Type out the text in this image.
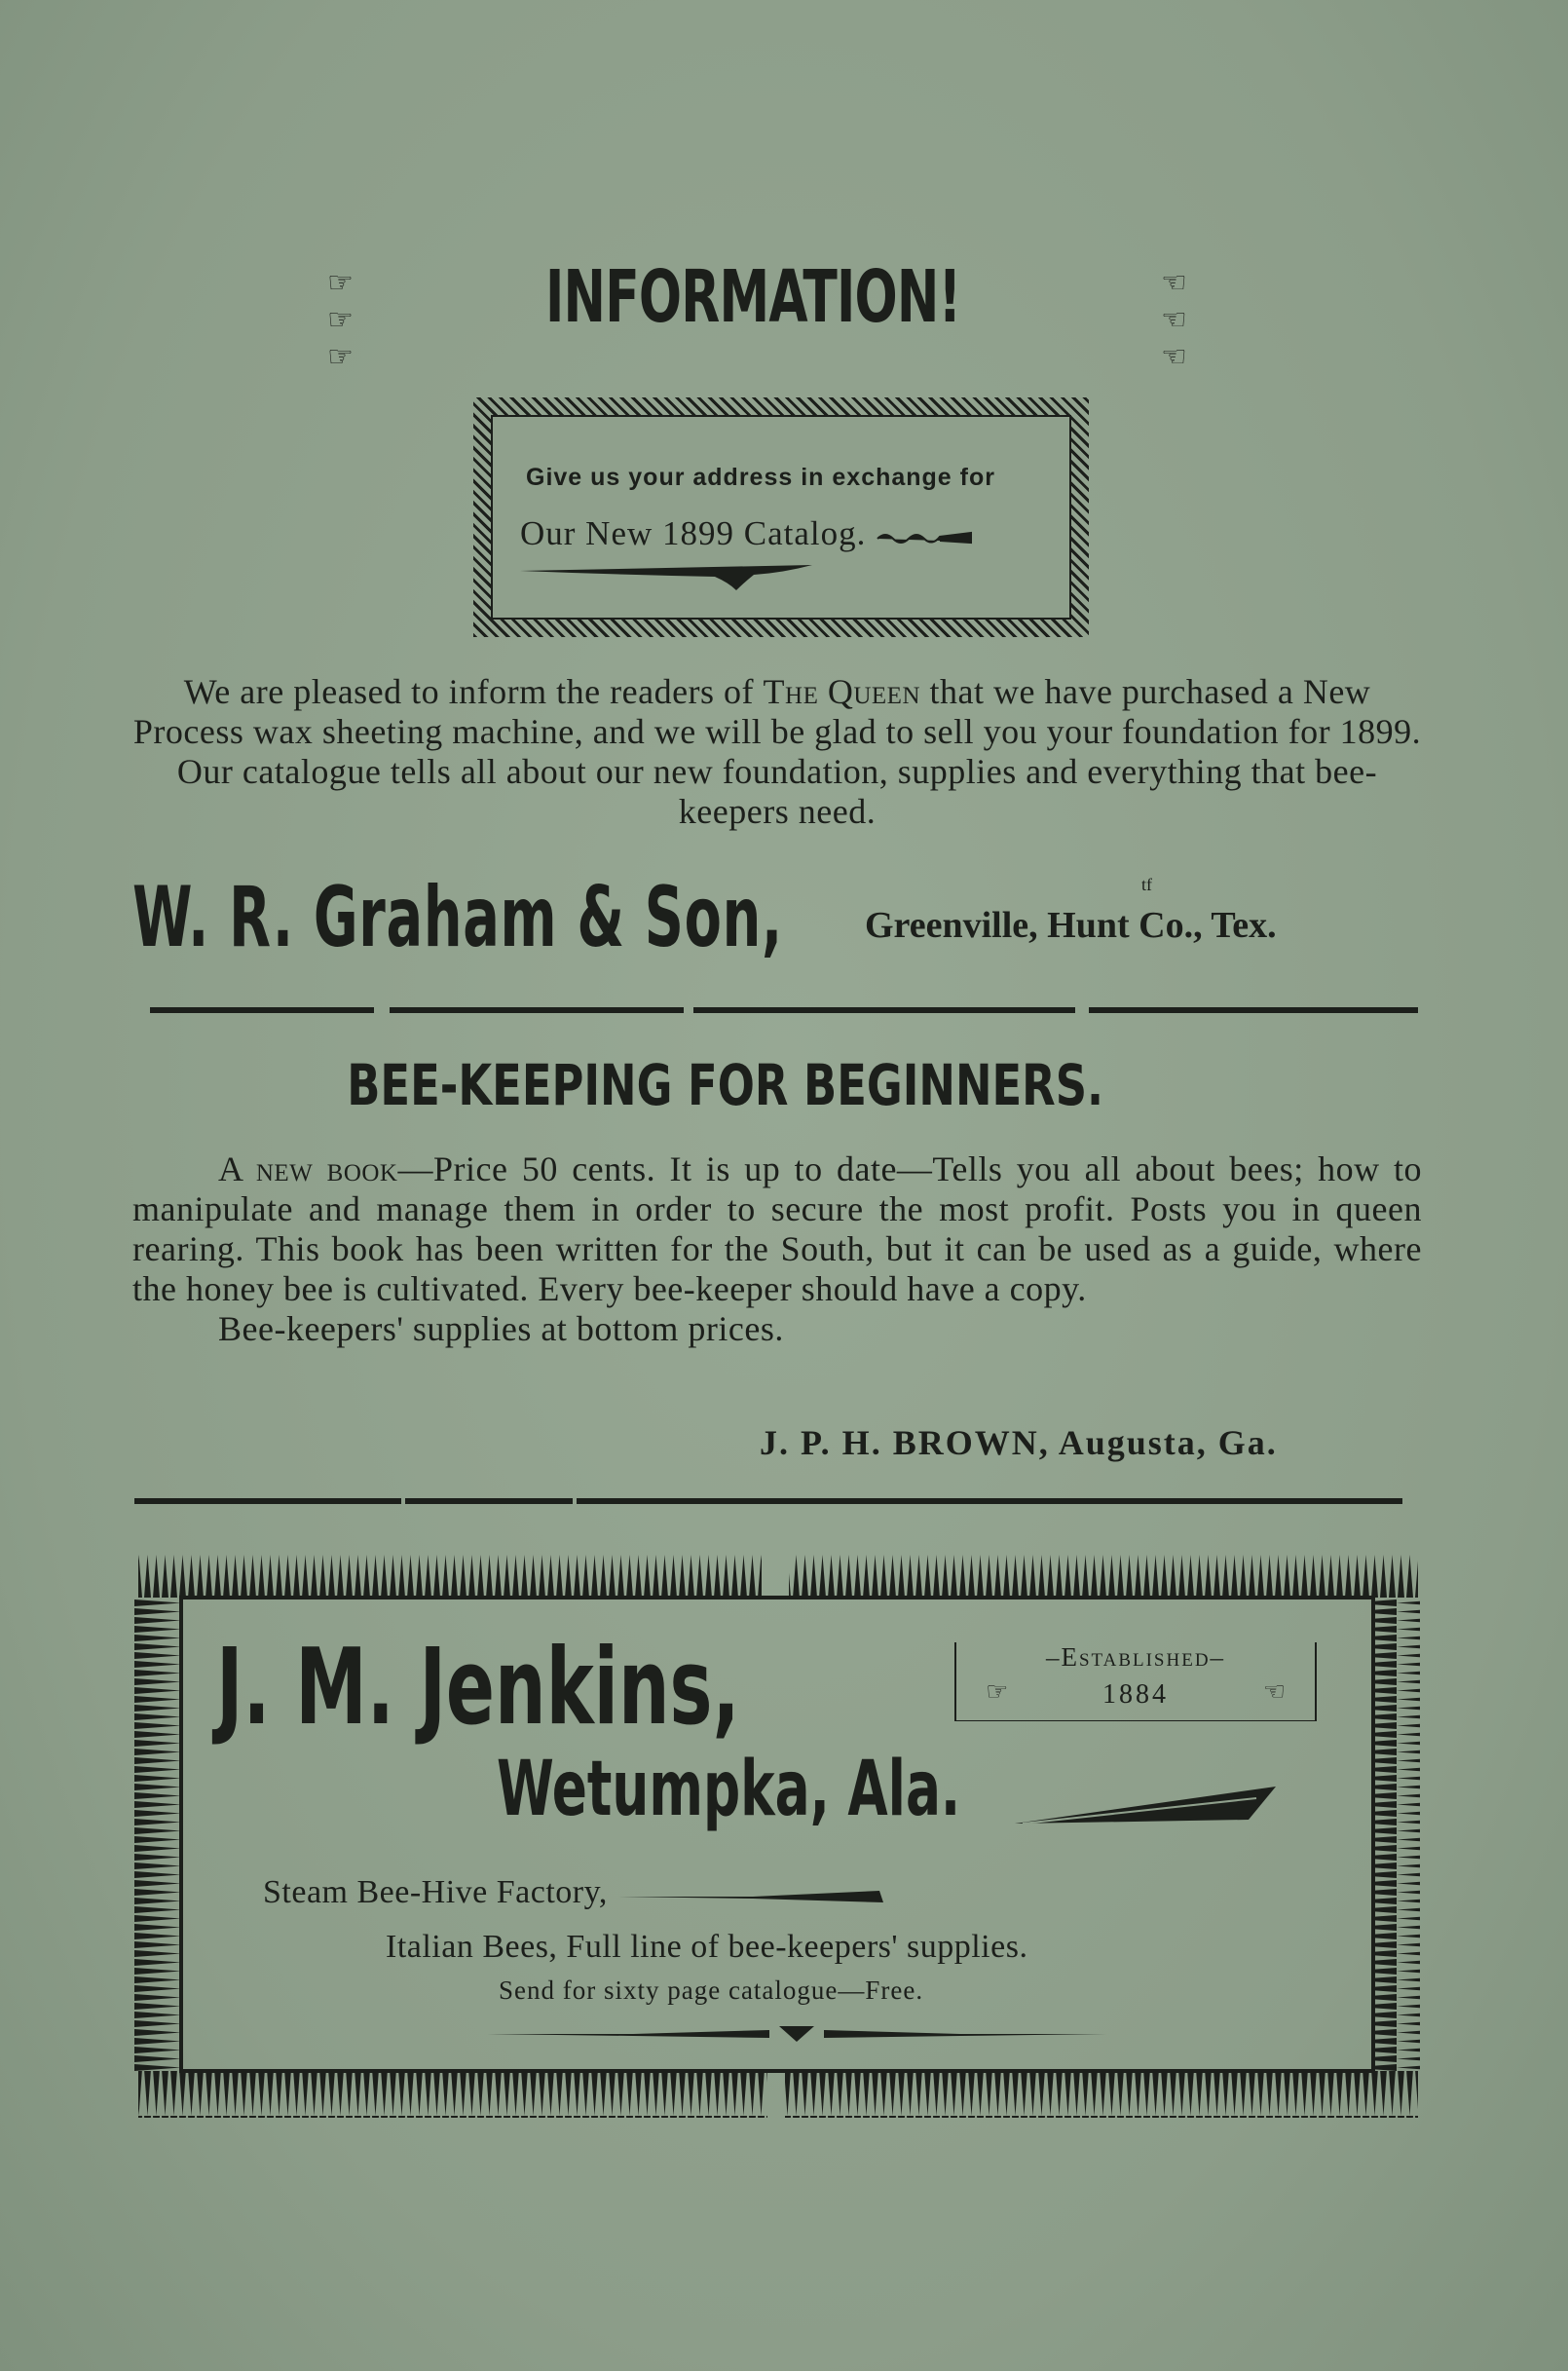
☞
☞
☞
INFORMATION!	☜
☜
☜
Give us your address in exchange for
Our New 1899 Catalog.
We are pleased to inform the readers of The Queen that we have purchased a New Process wax sheeting machine, and we will be glad to sell you your foundation for 1899. Our catalogue tells all about our new foundation, supplies and everything that bee-keepers need.
W. R. Graham & Son,	tf
Greenville, Hunt Co., Tex.
BEE-KEEPING FOR BEGINNERS.

A new book—Price 50 cents. It is up to date—Tells you all about bees; how to manipulate and manage them in order to secure the most profit. Posts you in queen rearing. This book has been written for the South, but it can be used as a guide, where the honey bee is cultivated. Every bee-keeper should have a copy.

Bee-keepers' supplies at bottom prices.

J. P. H. BROWN, Augusta, Ga.
J. M. Jenkins,	–Established–
☞	1884	☜
Wetumpka, Ala.
Steam Bee-Hive Factory,
Italian Bees, Full line of bee-keepers' supplies.
Send for sixty page catalogue—Free.
